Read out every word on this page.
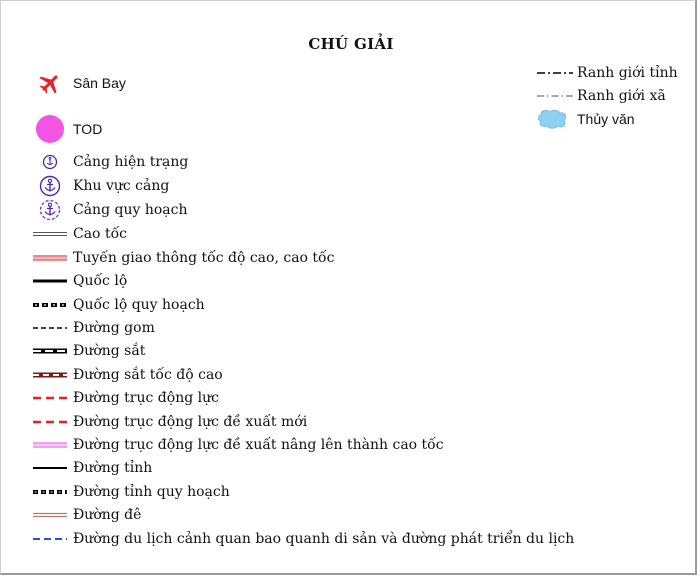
CHÚ GIẢI
Sân Bay
TOD
Cảng hiện trạng
Khu vực cảng
Cảng quy hoạch
Cao tốc
Tuyến giao thông tốc độ cao, cao tốc
Quốc lộ
Quốc lộ quy hoạch
Đường gom
Đường sắt
Đường sắt tốc độ cao
Đường trục động lực
Đường trục động lực đề xuất mới
Đường trục động lực đề xuất nâng lên thành cao tốc
Đường tỉnh
Đường tỉnh quy hoạch
Đường đê
Đường du lịch cảnh quan bao quanh di sản và đường phát triển du lịch
Ranh giới tỉnh
Ranh giới xã
Thủy văn
